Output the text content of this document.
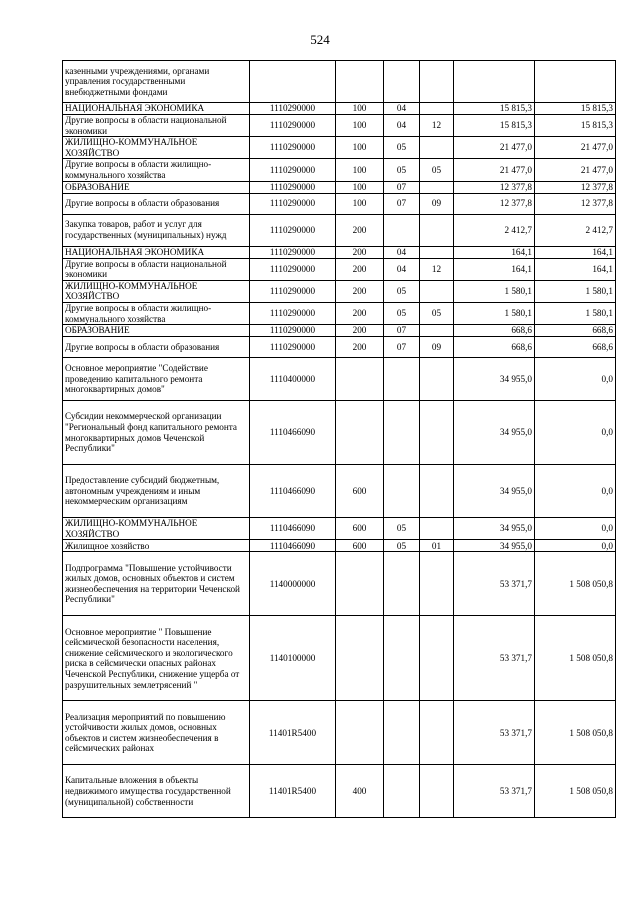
524
казенными учреждениями, органами управления государственными внебюджетными фондами						
НАЦИОНАЛЬНАЯ ЭКОНОМИКА	1110290000	100	04		15 815,3	15 815,3
Другие вопросы в области национальной экономики	1110290000	100	04	12	15 815,3	15 815,3
ЖИЛИЩНО-КОММУНАЛЬНОЕ ХОЗЯЙСТВО	1110290000	100	05		21 477,0	21 477,0
Другие вопросы в области жилищно-коммунального хозяйства	1110290000	100	05	05	21 477,0	21 477,0
ОБРАЗОВАНИЕ	1110290000	100	07		12 377,8	12 377,8
Другие вопросы в области образования	1110290000	100	07	09	12 377,8	12 377,8
Закупка товаров, работ и услуг для государственных (муниципальных) нужд	1110290000	200			2 412,7	2 412,7
НАЦИОНАЛЬНАЯ ЭКОНОМИКА	1110290000	200	04		164,1	164,1
Другие вопросы в области национальной экономики	1110290000	200	04	12	164,1	164,1
ЖИЛИЩНО-КОММУНАЛЬНОЕ ХОЗЯЙСТВО	1110290000	200	05		1 580,1	1 580,1
Другие вопросы в области жилищно-коммунального хозяйства	1110290000	200	05	05	1 580,1	1 580,1
ОБРАЗОВАНИЕ	1110290000	200	07		668,6	668,6
Другие вопросы в области образования	1110290000	200	07	09	668,6	668,6
Основное мероприятие "Содействие проведению капитального ремонта многоквартирных домов"	1110400000				34 955,0	0,0
Субсидии некоммерческой организации "Региональный фонд капитального ремонта многоквартирных домов Чеченской Республики"	1110466090				34 955,0	0,0
Предоставление субсидий бюджетным, автономным учреждениям и иным некоммерческим организациям	1110466090	600			34 955,0	0,0
ЖИЛИЩНО-КОММУНАЛЬНОЕ ХОЗЯЙСТВО	1110466090	600	05		34 955,0	0,0
Жилищное хозяйство	1110466090	600	05	01	34 955,0	0,0
Подпрограмма "Повышение устойчивости жилых домов, основных объектов и систем жизнеобеспечения на территории Чеченской Республики"	1140000000				53 371,7	1 508 050,8
Основное мероприятие " Повышение сейсмической безопасности населения, снижение сейсмического и экологического риска в сейсмически опасных районах Чеченской Республики, снижение ущерба от разрушительных землетрясений "	1140100000				53 371,7	1 508 050,8
Реализация мероприятий по повышению устойчивости жилых домов, основных объектов и систем жизнеобеспечения в сейсмических районах	11401R5400				53 371,7	1 508 050,8
Капитальные вложения в объекты недвижимого имущества государственной (муниципальной) собственности	11401R5400	400			53 371,7	1 508 050,8
